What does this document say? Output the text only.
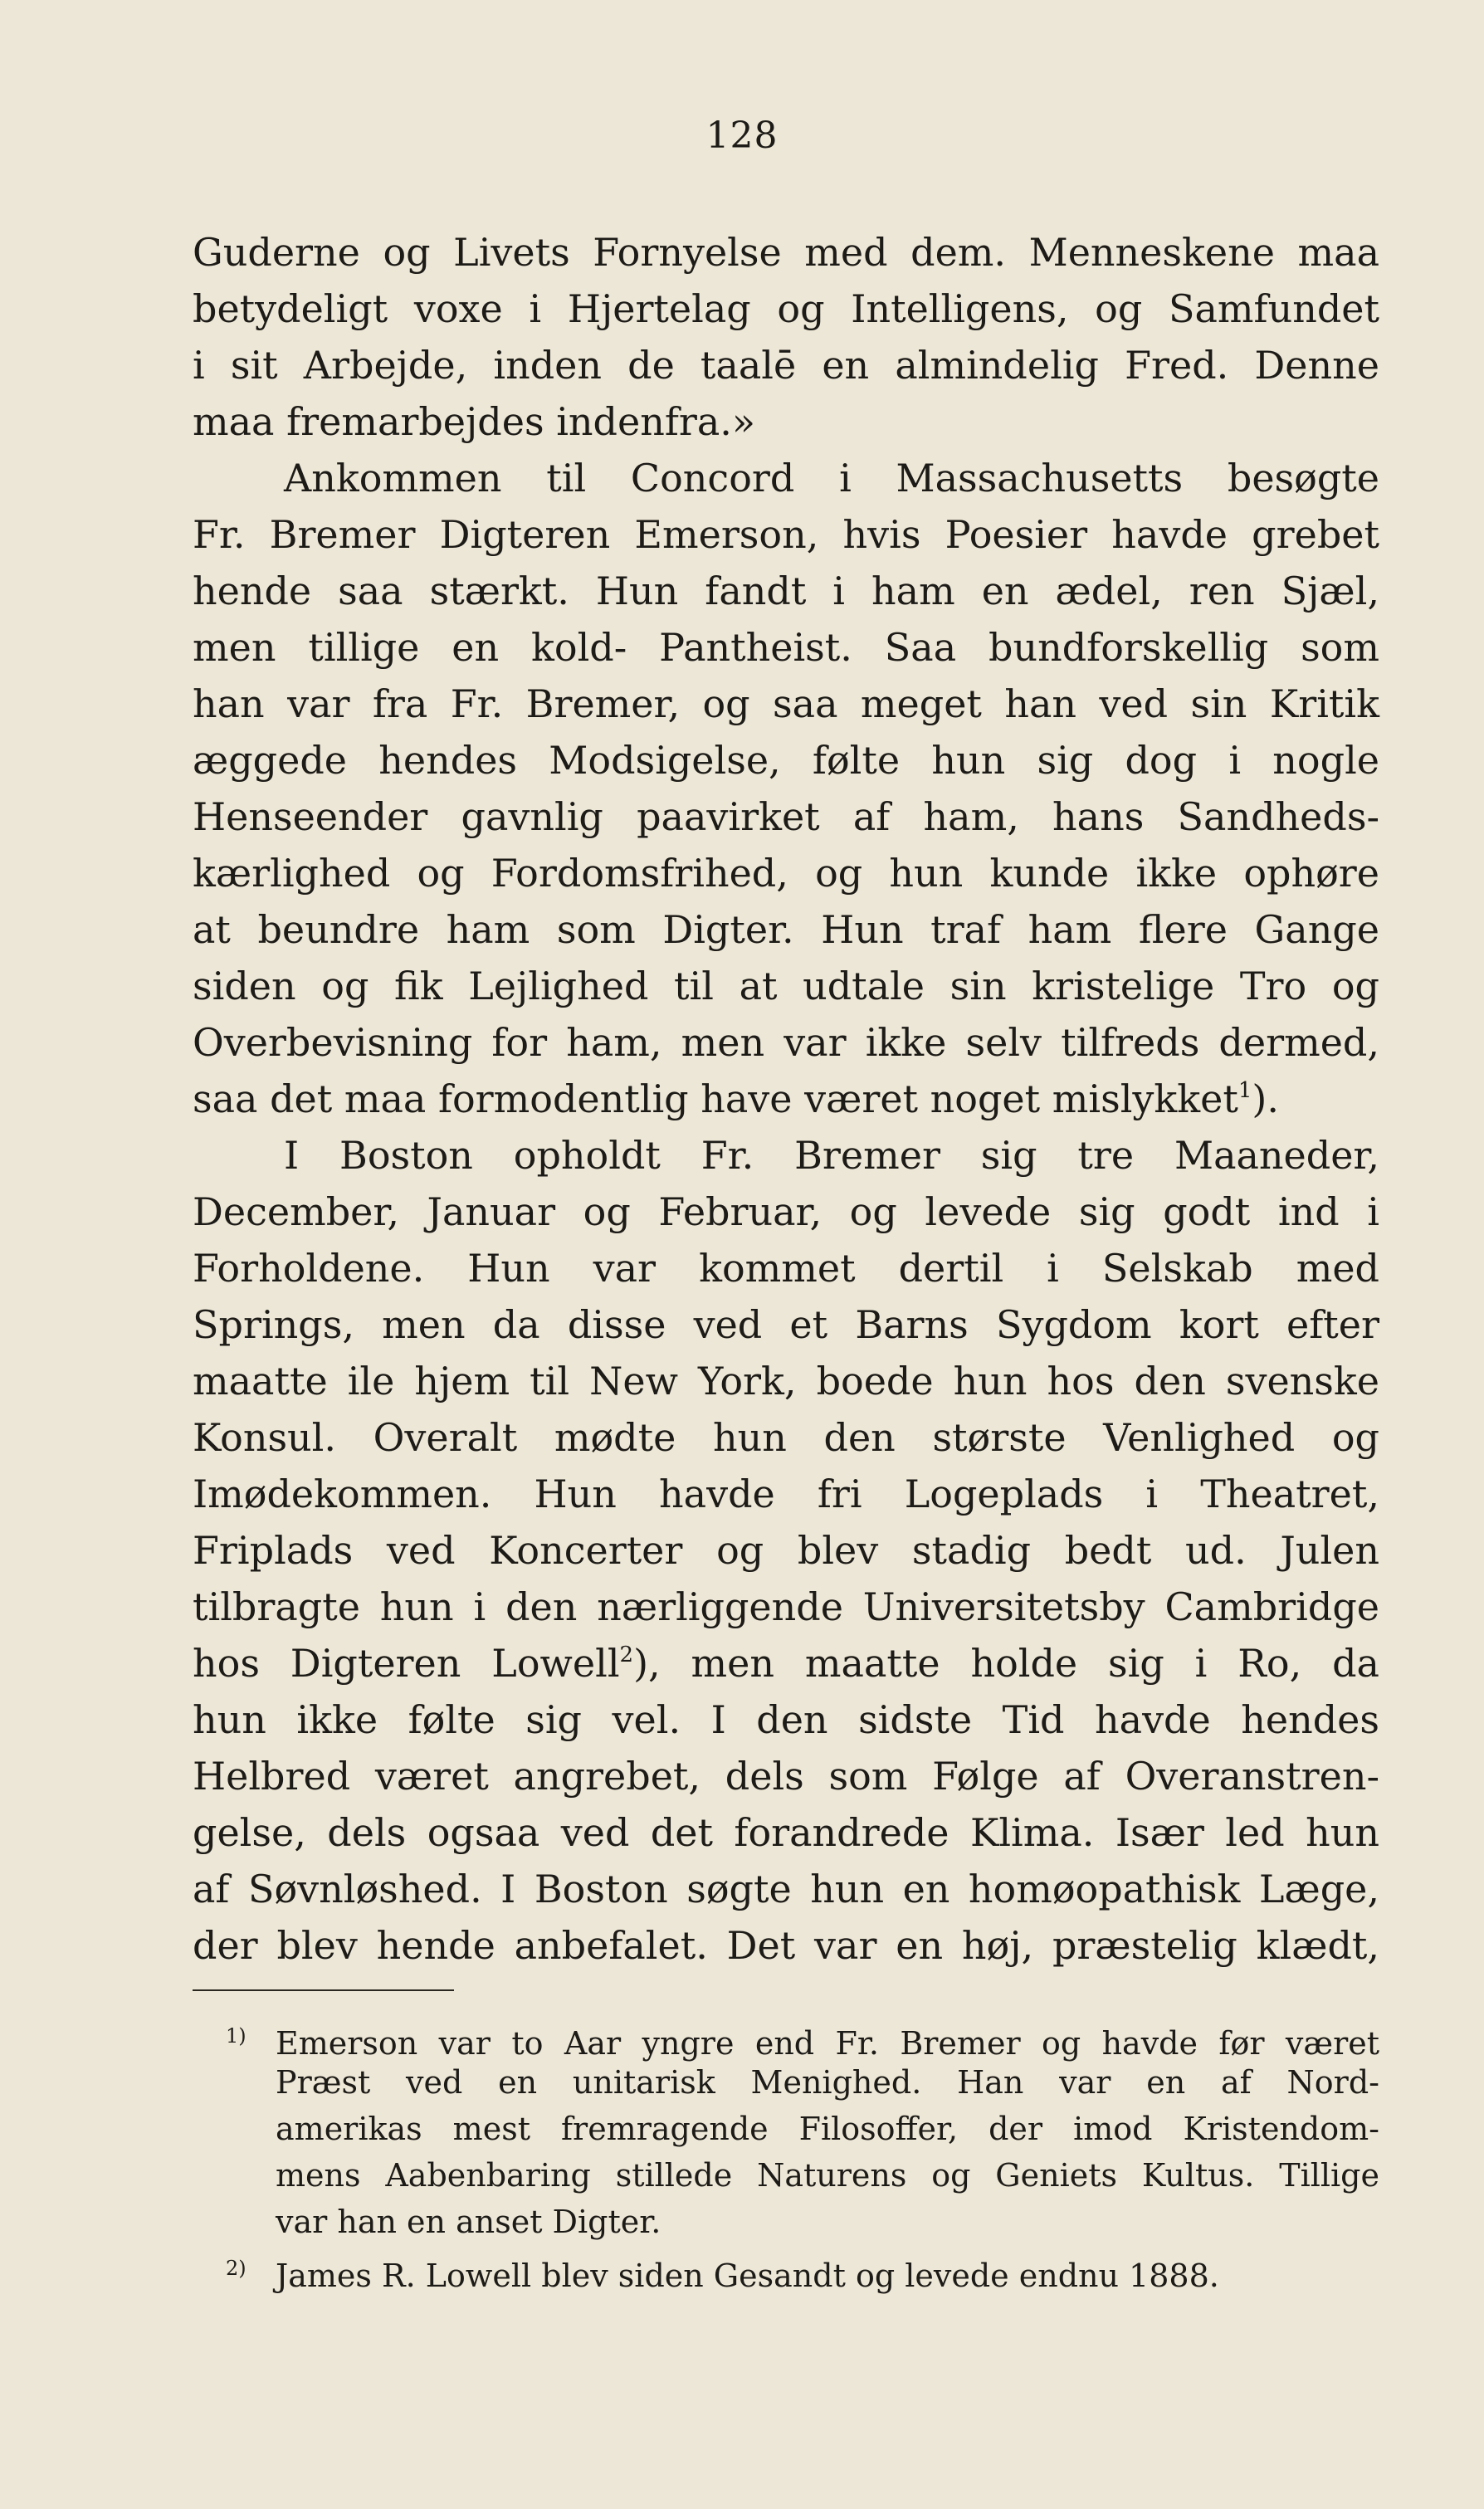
128
Guderne og Livets Fornyelse med dem. Menneskene maa
betydeligt voxe i Hjertelag og Intelligens, og Samfundet
i sit Arbejde, inden de taalē en almindelig Fred. Denne
maa fremarbejdes indenfra.»
Ankommen til Concord i Massachusetts besøgte
Fr. Bremer Digteren Emerson, hvis Poesier havde grebet
hende saa stærkt. Hun fandt i ham en ædel, ren Sjæl,
men tillige en kold- Pantheist. Saa bundforskellig som
han var fra Fr. Bremer, og saa meget han ved sin Kritik
æggede hendes Modsigelse, følte hun sig dog i nogle
Henseender gavnlig paavirket af ham, hans Sandheds-
kærlighed og Fordomsfrihed, og hun kunde ikke ophøre
at beundre ham som Digter. Hun traf ham flere Gange
siden og fik Lejlighed til at udtale sin kristelige Tro og
Overbevisning for ham, men var ikke selv tilfreds dermed,
saa det maa formodentlig have været noget mislykket$^1$).
I Boston opholdt Fr. Bremer sig tre Maaneder,
December, Januar og Februar, og levede sig godt ind i
Forholdene. Hun var kommet dertil i Selskab med
Springs, men da disse ved et Barns Sygdom kort efter
maatte ile hjem til New York, boede hun hos den svenske
Konsul. Overalt mødte hun den største Venlighed og
Imødekommen. Hun havde fri Logeplads i Theatret,
Friplads ved Koncerter og blev stadig bedt ud. Julen
tilbragte hun i den nærliggende Universitetsby Cambridge
hos Digteren Lowell$^2$), men maatte holde sig i Ro, da
hun ikke følte sig vel. I den sidste Tid havde hendes
Helbred været angrebet, dels som Følge af Overanstren-
gelse, dels ogsaa ved det forandrede Klima. Især led hun
af Søvnløshed. I Boston søgte hun en homøopathisk Læge,
der blev hende anbefalet. Det var en høj, præstelig klædt,
1) Emerson var to Aar yngre end Fr. Bremer og havde før været
Præst ved en unitarisk Menighed. Han var en af Nord-
amerikas mest fremragende Filosoffer, der imod Kristendom-
mens Aabenbaring stillede Naturens og Geniets Kultus. Tillige
var han en anset Digter.
2) James R. Lowell blev siden Gesandt og levede endnu 1888.
